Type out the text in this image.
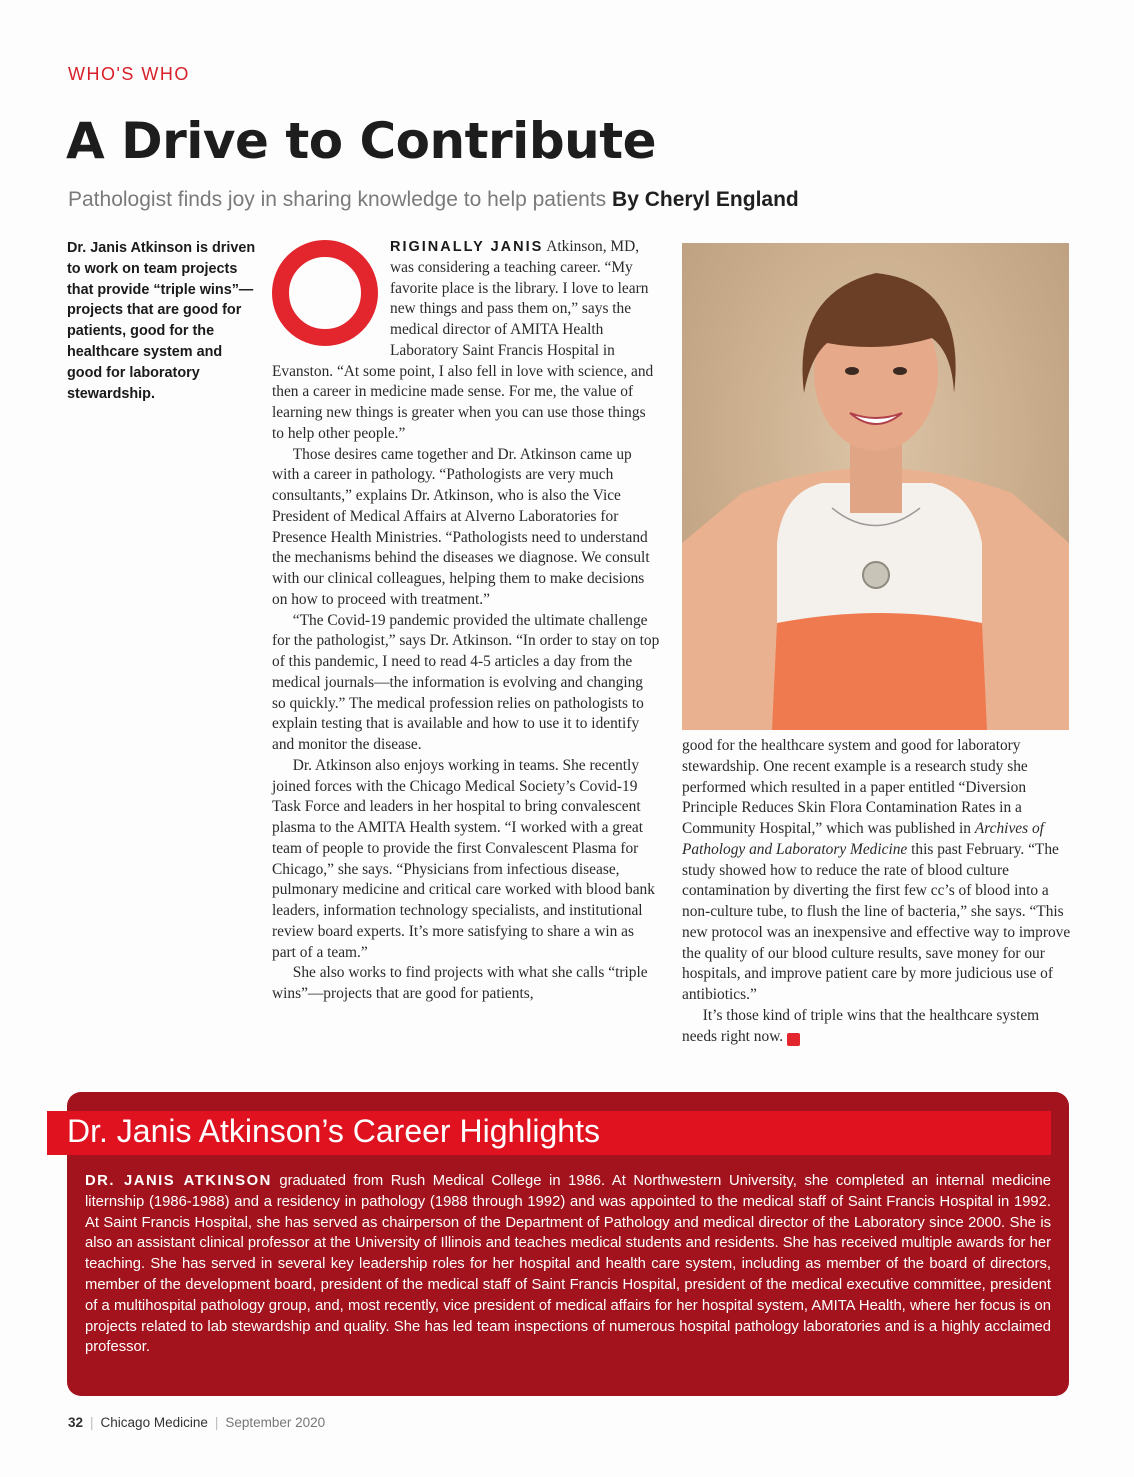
WHO'S WHO
A Drive to Contribute
Pathologist finds joy in sharing knowledge to help patients By Cheryl England
Dr. Janis Atkinson is driven to work on team projects that provide “triple wins”—projects that are good for patients, good for the healthcare system and good for laboratory stewardship.

RIGINALLY JANIS Atkinson, MD, was considering a teaching career. “My favorite place is the library. I love to learn new things and pass them on,” says the medical director of AMITA Health Laboratory Saint Francis Hospital in Evanston. “At some point, I also fell in love with science, and then a career in medicine made sense. For me, the value of learning new things is greater when you can use those things to help other people.”

Those desires came together and Dr. Atkinson came up with a career in pathology. “Pathologists are very much consultants,” explains Dr. Atkinson, who is also the Vice President of Medical Affairs at Alverno Laboratories for Presence Health Ministries. “Pathologists need to understand the mechanisms behind the diseases we diagnose. We consult with our clinical colleagues, helping them to make decisions on how to proceed with treatment.”

“The Covid-19 pandemic provided the ultimate challenge for the pathologist,” says Dr. Atkinson. “In order to stay on top of this pandemic, I need to read 4-5 articles a day from the medical journals—the information is evolving and changing so quickly.” The medical profession relies on pathologists to explain testing that is available and how to use it to identify and monitor the disease.

Dr. Atkinson also enjoys working in teams. She recently joined forces with the Chicago Medical Society’s Covid-19 Task Force and leaders in her hospital to bring convalescent plasma to the AMITA Health system. “I worked with a great team of people to provide the first Convalescent Plasma for Chicago,” she says. “Physicians from infectious disease, pulmonary medicine and critical care worked with blood bank leaders, information technology specialists, and institutional review board experts. It’s more satisfying to share a win as part of a team.”

She also works to find projects with what she calls “triple wins”—projects that are good for patients,

good for the healthcare system and good for laboratory stewardship. One recent example is a research study she performed which resulted in a paper entitled “Diversion Principle Reduces Skin Flora Contamination Rates in a Community Hospital,” which was published in Archives of Pathology and Laboratory Medicine this past February. “The study showed how to reduce the rate of blood culture contamination by diverting the first few cc’s of blood into a non-culture tube, to flush the line of bacteria,” she says. “This new protocol was an inexpensive and effective way to improve the quality of our blood culture results, save money for our hospitals, and improve patient care by more judicious use of antibiotics.”

It’s those kind of triple wins that the healthcare system needs right now. C

Dr. Janis Atkinson’s Career Highlights
DR. JANIS ATKINSON graduated from Rush Medical College in 1986. At Northwestern University, she completed an internal medicine liternship (1986-1988) and a residency in pathology (1988 through 1992) and was appointed to the medical staff of Saint Francis Hospital in 1992. At Saint Francis Hospital, she has served as chairperson of the Department of Pathology and medical director of the Laboratory since 2000. She is also an assistant clinical professor at the University of Illinois and teaches medical students and residents. She has received multiple awards for her teaching. She has served in several key leadership roles for her hospital and health care system, including as member of the board of directors, member of the development board, president of the medical staff of Saint Francis Hospital, president of the medical executive committee, president of a multihospital pathology group, and, most recently, vice president of medical affairs for her hospital system, AMITA Health, where her focus is on projects related to lab stewardship and quality. She has led team inspections of numerous hospital pathology laboratories and is a highly acclaimed professor.
32 | Chicago Medicine | September 2020
